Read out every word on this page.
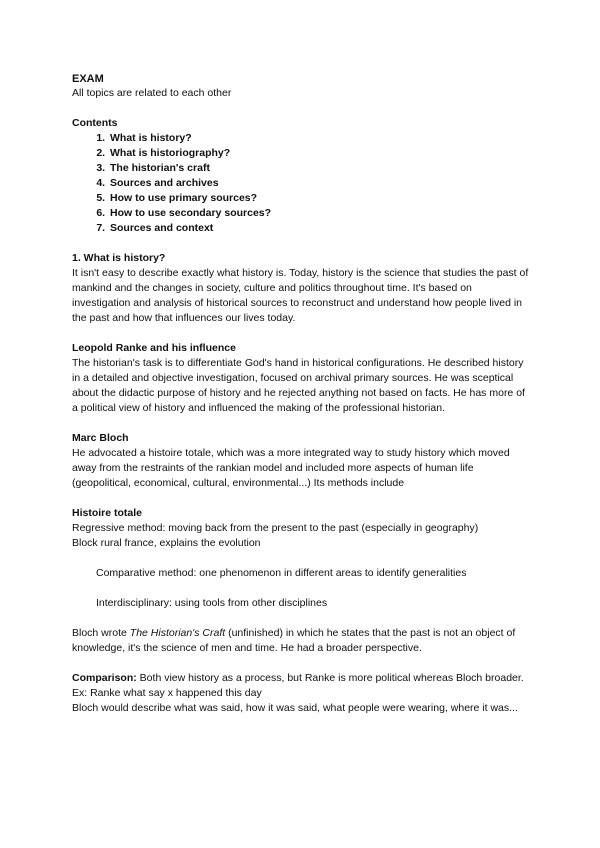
EXAM

All topics are related to each other

Contents

1. What is history?
2. What is historiography?
3. The historian's craft
4. Sources and archives
5. How to use primary sources?
6. How to use secondary sources?
7. Sources and context

1. What is history?

It isn't easy to describe exactly what history is. Today, history is the science that studies the past of mankind and the changes in society, culture and politics throughout time. It's based on investigation and analysis of historical sources to reconstruct and understand how people lived in the past and how that influences our lives today.

Leopold Ranke and his influence

The historian's task is to differentiate God's hand in historical configurations. He described history in a detailed and objective investigation, focused on archival primary sources. He was sceptical about the didactic purpose of history and he rejected anything not based on facts. He has more of a political view of history and influenced the making of the professional historian.

Marc Bloch

He advocated a histoire totale, which was a more integrated way to study history which moved away from the restraints of the rankian model and included more aspects of human life (geopolitical, economical, cultural, environmental...) Its methods include

Histoire totale

Regressive method: moving back from the present to the past (especially in geography)

Block rural france, explains the evolution

Comparative method: one phenomenon in different areas to identify generalities

Interdisciplinary: using tools from other disciplines

Bloch wrote The Historian's Craft (unfinished) in which he states that the past is not an object of knowledge, it's the science of men and time. He had a broader perspective.

Comparison: Both view history as a process, but Ranke is more political whereas Bloch broader.

Ex: Ranke what say x happened this day

Bloch would describe what was said, how it was said, what people were wearing, where it was...
